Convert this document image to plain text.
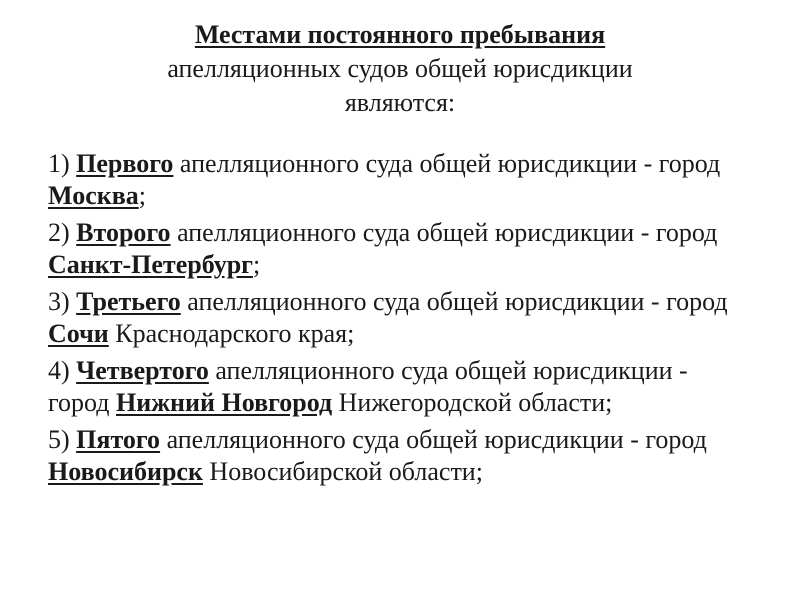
Местами постоянного пребывания
апелляционных судов общей юрисдикции
являются:
1) Первого апелляционного суда общей юрисдикции - город Москва;
2) Второго апелляционного суда общей юрисдикции - город Санкт-Петербург;
3) Третьего апелляционного суда общей юрисдикции - город Сочи Краснодарского края;
4) Четвертого апелляционного суда общей юрисдикции - город Нижний Новгород Нижегородской области;
5) Пятого апелляционного суда общей юрисдикции - город Новосибирск Новосибирской области;
